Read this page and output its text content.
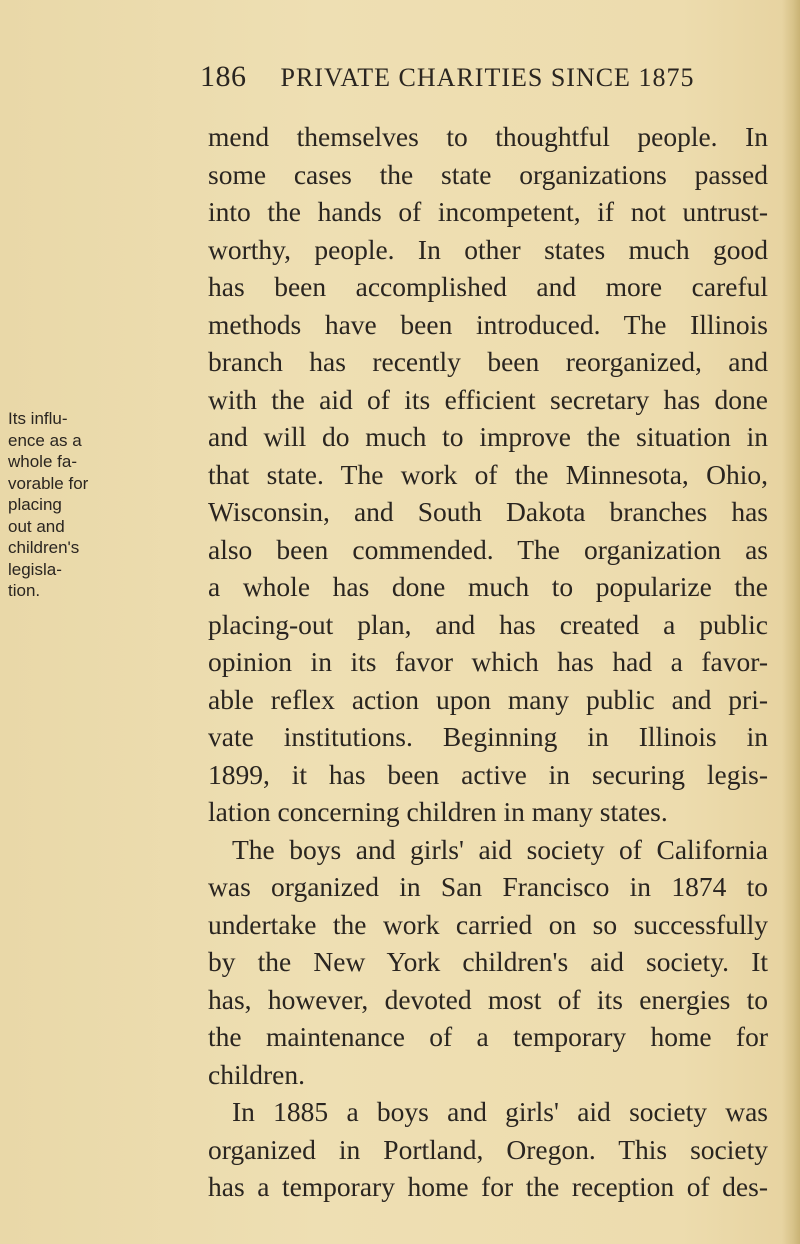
186 PRIVATE CHARITIES SINCE 1875
Its influ-
ence as a
whole fa-
vorable for
placing
out and
children's
legisla-
tion.
mend themselves to thoughtful people. In
some cases the state organizations passed
into the hands of incompetent, if not untrust-
worthy, people. In other states much good
has been accomplished and more careful
methods have been introduced. The Illinois
branch has recently been reorganized, and
with the aid of its efficient secretary has done
and will do much to improve the situation in
that state. The work of the Minnesota, Ohio,
Wisconsin, and South Dakota branches has
also been commended. The organization as
a whole has done much to popularize the
placing-out plan, and has created a public
opinion in its favor which has had a favor-
able reflex action upon many public and pri-
vate institutions. Beginning in Illinois in
1899, it has been active in securing legis-
lation concerning children in many states.
The boys and girls' aid society of California
was organized in San Francisco in 1874 to
undertake the work carried on so successfully
by the New York children's aid society. It
has, however, devoted most of its energies to
the maintenance of a temporary home for
children.
In 1885 a boys and girls' aid society was
organized in Portland, Oregon. This society
has a temporary home for the reception of des-
